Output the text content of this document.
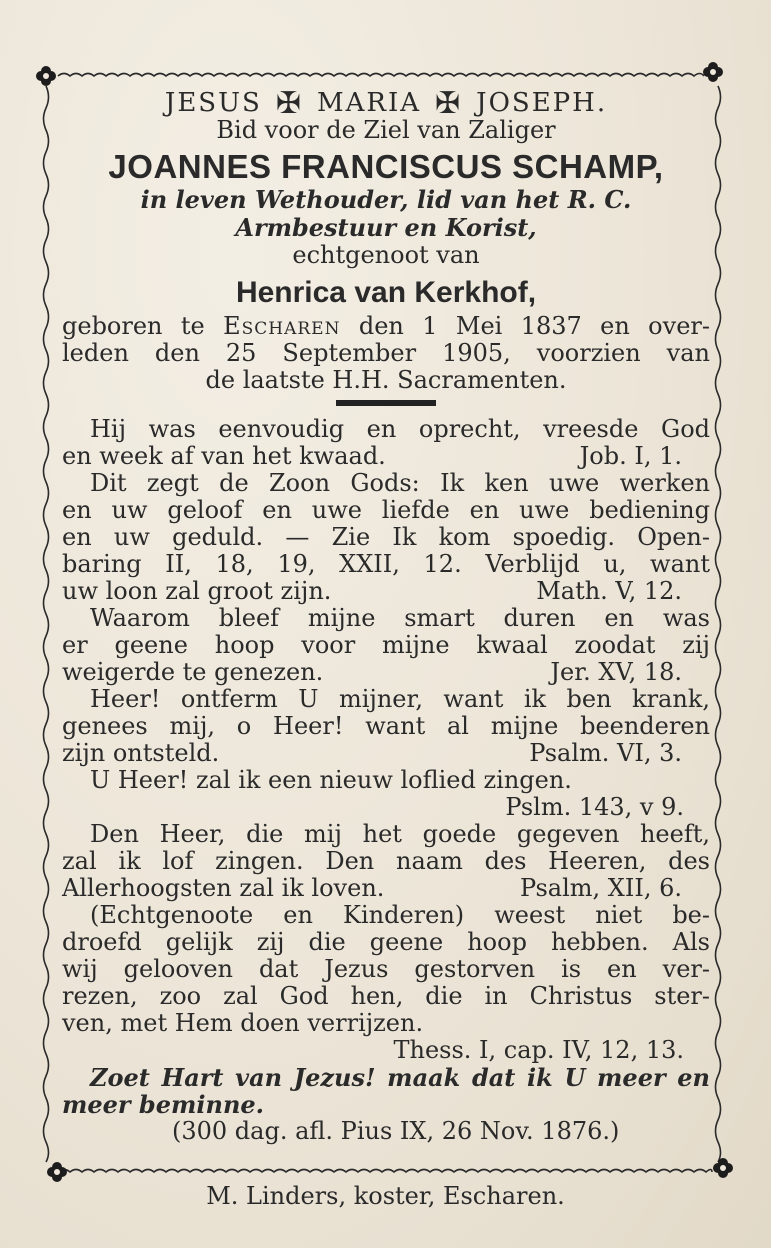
JESUS ✠ MARIA ✠ JOSEPH.
Bid voor de Ziel van Zaliger
JOANNES FRANCISCUS SCHAMP,
in leven Wethouder, lid van het R. C.
Armbestuur en Korist,
echtgenoot van
Henrica van Kerkhof,
geboren te Escharen den 1 Mei 1837 en over-
leden den 25 September 1905, voorzien van
de laatste H.H. Sacramenten.
Hij was eenvoudig en oprecht, vreesde God
en week af van het kwaad.	Job. I, 1.
Dit zegt de Zoon Gods: Ik ken uwe werken
en uw geloof en uwe liefde en uwe bediening
en uw geduld. — Zie Ik kom spoedig. Open-
baring II, 18, 19, XXII, 12. Verblijd u, want
uw loon zal groot zijn.	Math. V, 12.
Waarom bleef mijne smart duren en was
er geene hoop voor mijne kwaal zoodat zij
weigerde te genezen.	Jer. XV, 18.
Heer! ontferm U mijner, want ik ben krank,
genees mij, o Heer! want al mijne beenderen
zijn ontsteld.	Psalm. VI, 3.
U Heer! zal ik een nieuw loflied zingen.
Pslm. 143, v 9.
Den Heer, die mij het goede gegeven heeft,
zal ik lof zingen. Den naam des Heeren, des
Allerhoogsten zal ik loven.	Psalm, XII, 6.
(Echtgenoote en Kinderen) weest niet be-
droefd gelijk zij die geene hoop hebben. Als
wij gelooven dat Jezus gestorven is en ver-
rezen, zoo zal God hen, die in Christus ster-
ven, met Hem doen verrijzen.
Thess. I, cap. IV, 12, 13.
Zoet Hart van Jezus! maak dat ik U meer en
meer beminne.
(300 dag. afl. Pius IX, 26 Nov. 1876.)
M. Linders, koster, Escharen.
